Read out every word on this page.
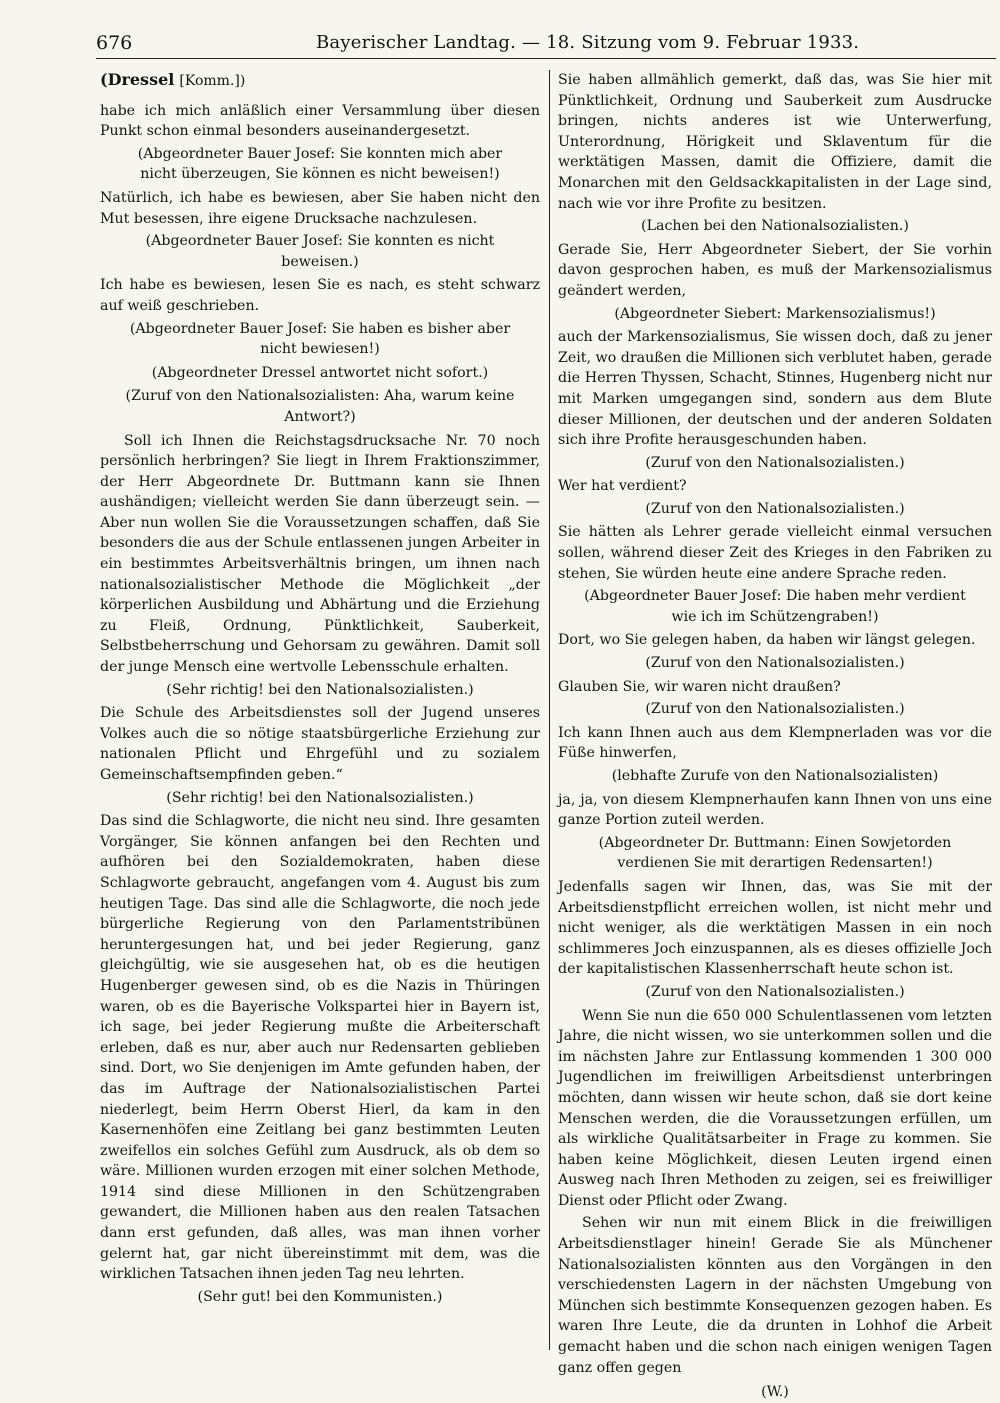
676	Bayerischer Landtag. — 18. Sitzung vom 9. Februar 1933.
(Dressel [Komm.])

habe ich mich anläßlich einer Versammlung über diesen Punkt schon einmal besonders auseinandergesetzt.

(Abgeordneter Bauer Josef: Sie konnten mich aber nicht überzeugen, Sie können es nicht beweisen!)

Natürlich, ich habe es bewiesen, aber Sie haben nicht den Mut besessen, ihre eigene Drucksache nachzulesen.

(Abgeordneter Bauer Josef: Sie konnten es nicht beweisen.)

Ich habe es bewiesen, lesen Sie es nach, es steht schwarz auf weiß geschrieben.

(Abgeordneter Bauer Josef: Sie haben es bisher aber nicht bewiesen!)

(Abgeordneter Dressel antwortet nicht sofort.)

(Zuruf von den Nationalsozialisten: Aha, warum keine Antwort?)

Soll ich Ihnen die Reichstagsdrucksache Nr. 70 noch persönlich herbringen? Sie liegt in Ihrem Fraktionszimmer, der Herr Abgeordnete Dr. Buttmann kann sie Ihnen aushändigen; vielleicht werden Sie dann überzeugt sein. — Aber nun wollen Sie die Voraussetzungen schaffen, daß Sie besonders die aus der Schule entlassenen jungen Arbeiter in ein bestimmtes Arbeitsverhältnis bringen, um ihnen nach nationalsozialistischer Methode die Möglichkeit „der körperlichen Ausbildung und Abhärtung und die Erziehung zu Fleiß, Ordnung, Pünktlichkeit, Sauberkeit, Selbstbeherrschung und Gehorsam zu gewähren. Damit soll der junge Mensch eine wertvolle Lebensschule erhalten.

(Sehr richtig! bei den Nationalsozialisten.)

Die Schule des Arbeitsdienstes soll der Jugend unseres Volkes auch die so nötige staatsbürgerliche Erziehung zur nationalen Pflicht und Ehrgefühl und zu sozialem Gemeinschaftsempfinden geben.“

(Sehr richtig! bei den Nationalsozialisten.)

Das sind die Schlagworte, die nicht neu sind. Ihre gesamten Vorgänger, Sie können anfangen bei den Rechten und aufhören bei den Sozialdemokraten, haben diese Schlagworte gebraucht, angefangen vom 4. August bis zum heutigen Tage. Das sind alle die Schlagworte, die noch jede bürgerliche Regierung von den Parlamentstribünen heruntergesungen hat, und bei jeder Regierung, ganz gleichgültig, wie sie ausgesehen hat, ob es die heutigen Hugenberger gewesen sind, ob es die Nazis in Thüringen waren, ob es die Bayerische Volkspartei hier in Bayern ist, ich sage, bei jeder Regierung mußte die Arbeiterschaft erleben, daß es nur, aber auch nur Redensarten geblieben sind. Dort, wo Sie denjenigen im Amte gefunden haben, der das im Auftrage der Nationalsozialistischen Partei niederlegt, beim Herrn Oberst Hierl, da kam in den Kasernenhöfen eine Zeitlang bei ganz bestimmten Leuten zweifellos ein solches Gefühl zum Ausdruck, als ob dem so wäre. Millionen wurden erzogen mit einer solchen Methode, 1914 sind diese Millionen in den Schützengraben gewandert, die Millionen haben aus den realen Tatsachen dann erst gefunden, daß alles, was man ihnen vorher gelernt hat, gar nicht übereinstimmt mit dem, was die wirklichen Tatsachen ihnen jeden Tag neu lehrten.

(Sehr gut! bei den Kommunisten.)

Sie haben allmählich gemerkt, daß das, was Sie hier mit Pünktlichkeit, Ordnung und Sauberkeit zum Ausdrucke bringen, nichts anderes ist wie Unterwerfung, Unterordnung, Hörigkeit und Sklaventum für die werktätigen Massen, damit die Offiziere, damit die Monarchen mit den Geldsackkapitalisten in der Lage sind, nach wie vor ihre Profite zu besitzen.

(Lachen bei den Nationalsozialisten.)

Gerade Sie, Herr Abgeordneter Siebert, der Sie vorhin davon gesprochen haben, es muß der Markensozialismus geändert werden,

(Abgeordneter Siebert: Markensozialismus!)

auch der Markensozialismus, Sie wissen doch, daß zu jener Zeit, wo draußen die Millionen sich verblutet haben, gerade die Herren Thyssen, Schacht, Stinnes, Hugenberg nicht nur mit Marken umgegangen sind, sondern aus dem Blute dieser Millionen, der deutschen und der anderen Soldaten sich ihre Profite herausgeschunden haben.

(Zuruf von den Nationalsozialisten.)

Wer hat verdient?

(Zuruf von den Nationalsozialisten.)

Sie hätten als Lehrer gerade vielleicht einmal versuchen sollen, während dieser Zeit des Krieges in den Fabriken zu stehen, Sie würden heute eine andere Sprache reden.

(Abgeordneter Bauer Josef: Die haben mehr verdient wie ich im Schützengraben!)

Dort, wo Sie gelegen haben, da haben wir längst gelegen.

(Zuruf von den Nationalsozialisten.)

Glauben Sie, wir waren nicht draußen?

(Zuruf von den Nationalsozialisten.)

Ich kann Ihnen auch aus dem Klempnerladen was vor die Füße hinwerfen,

(lebhafte Zurufe von den Nationalsozialisten)

ja, ja, von diesem Klempnerhaufen kann Ihnen von uns eine ganze Portion zuteil werden.

(Abgeordneter Dr. Buttmann: Einen Sowjetorden verdienen Sie mit derartigen Redensarten!)

Jedenfalls sagen wir Ihnen, das, was Sie mit der Arbeitsdienstpflicht erreichen wollen, ist nicht mehr und nicht weniger, als die werktätigen Massen in ein noch schlimmeres Joch einzuspannen, als es dieses offizielle Joch der kapitalistischen Klassenherrschaft heute schon ist.

(Zuruf von den Nationalsozialisten.)

Wenn Sie nun die 650 000 Schulentlassenen vom letzten Jahre, die nicht wissen, wo sie unterkommen sollen und die im nächsten Jahre zur Entlassung kommenden 1 300 000 Jugendlichen im freiwilligen Arbeitsdienst unterbringen möchten, dann wissen wir heute schon, daß sie dort keine Menschen werden, die die Voraussetzungen erfüllen, um als wirkliche Qualitätsarbeiter in Frage zu kommen. Sie haben keine Möglichkeit, diesen Leuten irgend einen Ausweg nach Ihren Methoden zu zeigen, sei es freiwilliger Dienst oder Pflicht oder Zwang.

Sehen wir nun mit einem Blick in die freiwilligen Arbeitsdienstlager hinein! Gerade Sie als Münchener Nationalsozialisten könnten aus den Vorgängen in den verschiedensten Lagern in der nächsten Umgebung von München sich bestimmte Konsequenzen gezogen haben. Es waren Ihre Leute, die da drunten in Lohhof die Arbeit gemacht haben und die schon nach einigen wenigen Tagen ganz offen gegen

(W.)
